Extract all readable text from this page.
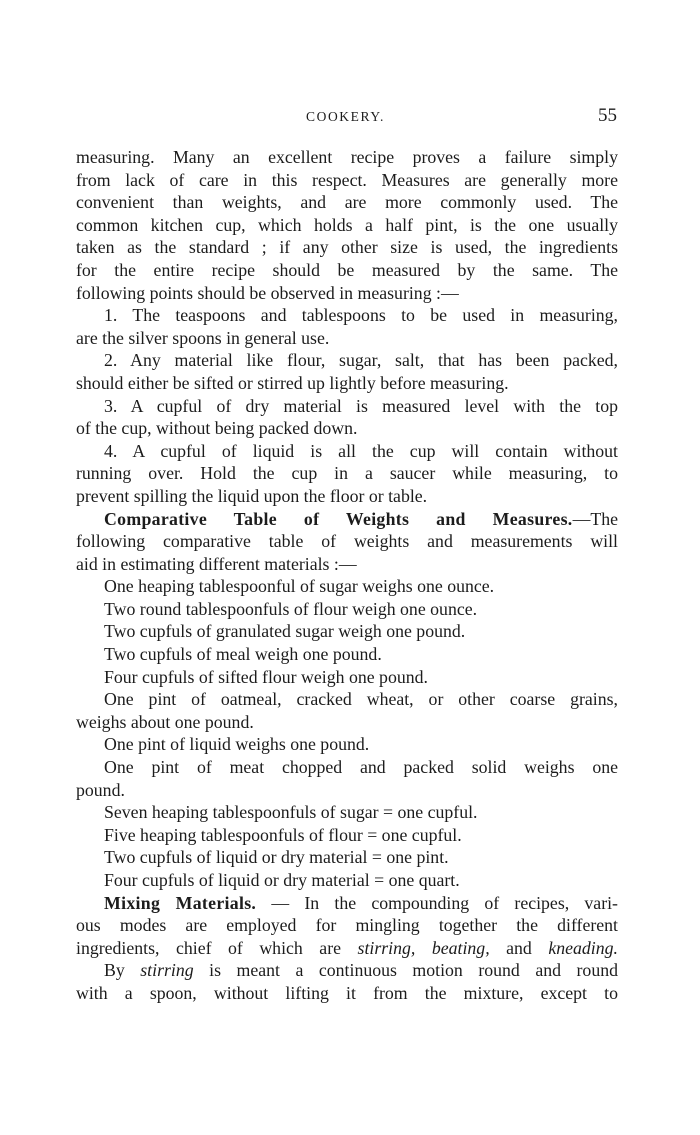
COOKERY.	55
measuring. Many an excellent recipe proves a failure simply
from lack of care in this respect. Measures are generally more
convenient than weights, and are more commonly used. The
common kitchen cup, which holds a half pint, is the one usually
taken as the standard ; if any other size is used, the ingredients
for the entire recipe should be measured by the same. The
following points should be observed in measuring :—
1. The teaspoons and tablespoons to be used in measuring,
are the silver spoons in general use.
2. Any material like flour, sugar, salt, that has been packed,
should either be sifted or stirred up lightly before measuring.
3. A cupful of dry material is measured level with the top
of the cup, without being packed down.
4. A cupful of liquid is all the cup will contain without
running over. Hold the cup in a saucer while measuring, to
prevent spilling the liquid upon the floor or table.
Comparative Table of Weights and Measures.—The
following comparative table of weights and measurements will
aid in estimating different materials :—
One heaping tablespoonful of sugar weighs one ounce.
Two round tablespoonfuls of flour weigh one ounce.
Two cupfuls of granulated sugar weigh one pound.
Two cupfuls of meal weigh one pound.
Four cupfuls of sifted flour weigh one pound.
One pint of oatmeal, cracked wheat, or other coarse grains,
weighs about one pound.
One pint of liquid weighs one pound.
One pint of meat chopped and packed solid weighs one
pound.
Seven heaping tablespoonfuls of sugar = one cupful.
Five heaping tablespoonfuls of flour = one cupful.
Two cupfuls of liquid or dry material = one pint.
Four cupfuls of liquid or dry material = one quart.
Mixing Materials. — In the compounding of recipes, vari-
ous modes are employed for mingling together the different
ingredients, chief of which are stirring, beating, and kneading.
By stirring is meant a continuous motion round and round
with a spoon, without lifting it from the mixture, except to
